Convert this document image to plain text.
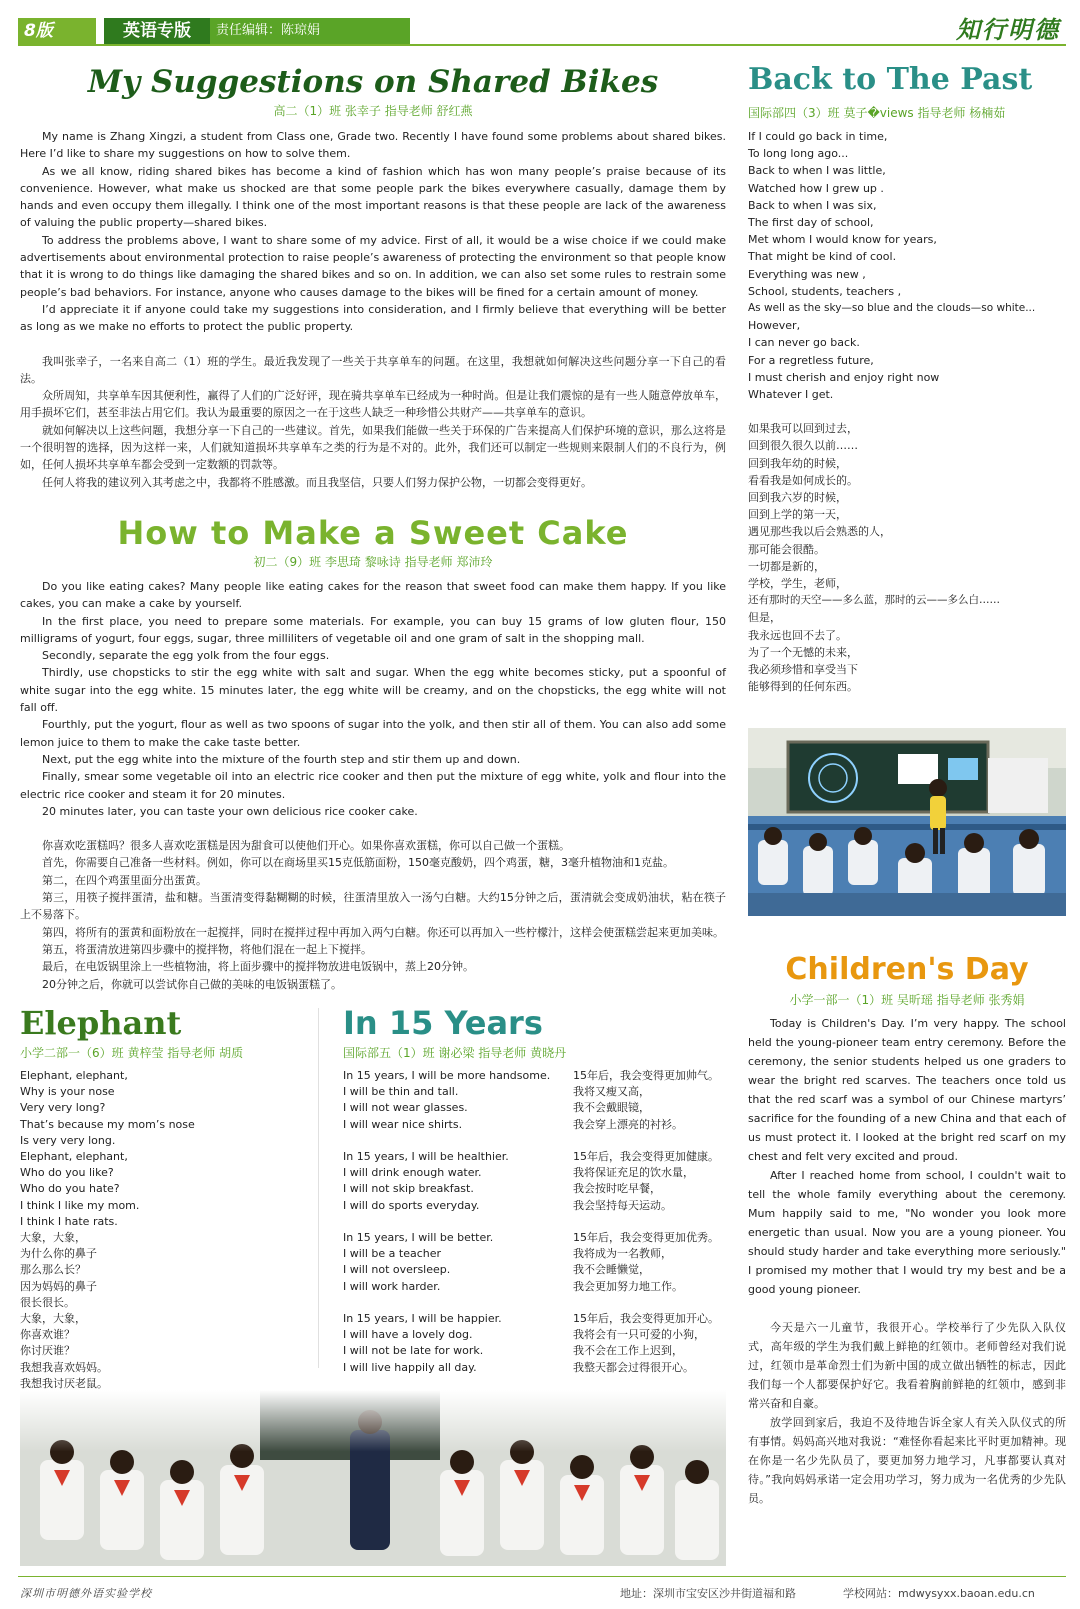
8版	英语专版	责任编辑：陈琼娟	知行明德
My Suggestions on Shared Bikes
高二（1）班 张幸子 指导老师 舒红燕

My name is Zhang Xingzi, a student from Class one, Grade two. Recently I have found some problems about shared bikes. Here I’d like to share my suggestions on how to solve them.

As we all know, riding shared bikes has become a kind of fashion which has won many people’s praise because of its convenience. However, what make us shocked are that some people park the bikes everywhere casually, damage them by hands and even occupy them illegally. I think one of the most important reasons is that these people are lack of the awareness of valuing the public property—shared bikes.

To address the problems above, I want to share some of my advice. First of all, it would be a wise choice if we could make advertisements about environmental protection to raise people’s awareness of protecting the environment so that people know that it is wrong to do things like damaging the shared bikes and so on. In addition, we can also set some rules to restrain some people’s bad behaviors. For instance, anyone who causes damage to the bikes will be fined for a certain amount of money.

I’d appreciate it if anyone could take my suggestions into consideration, and I firmly believe that everything will be better as long as we make no efforts to protect the public property.

我叫张幸子，一名来自高二（1）班的学生。最近我发现了一些关于共享单车的问题。在这里，我想就如何解决这些问题分享一下自己的看法。

众所周知，共享单车因其便利性，赢得了人们的广泛好评，现在骑共享单车已经成为一种时尚。但是让我们震惊的是有一些人随意停放单车，用手损坏它们，甚至非法占用它们。我认为最重要的原因之一在于这些人缺乏一种珍惜公共财产——共享单车的意识。

就如何解决以上这些问题，我想分享一下自己的一些建议。首先，如果我们能做一些关于环保的广告来提高人们保护环境的意识，那么这将是一个很明智的选择，因为这样一来，人们就知道损坏共享单车之类的行为是不对的。此外，我们还可以制定一些规则来限制人们的不良行为，例如，任何人损坏共享单车都会受到一定数额的罚款等。

任何人将我的建议列入其考虑之中，我都将不胜感激。而且我坚信，只要人们努力保护公物，一切都会变得更好。

How to Make a Sweet Cake
初二（9）班 李思琦 黎咏诗 指导老师 郑沛玲

Do you like eating cakes? Many people like eating cakes for the reason that sweet food can make them happy. If you like cakes, you can make a cake by yourself.

In the first place, you need to prepare some materials. For example, you can buy 15 grams of low gluten flour, 150 milligrams of yogurt, four eggs, sugar, three milliliters of vegetable oil and one gram of salt in the shopping mall.

Secondly, separate the egg yolk from the four eggs.

Thirdly, use chopsticks to stir the egg white with salt and sugar. When the egg white becomes sticky, put a spoonful of white sugar into the egg white. 15 minutes later, the egg white will be creamy, and on the chopsticks, the egg white will not fall off.

Fourthly, put the yogurt, flour as well as two spoons of sugar into the yolk, and then stir all of them. You can also add some lemon juice to them to make the cake taste better.

Next, put the egg white into the mixture of the fourth step and stir them up and down.

Finally, smear some vegetable oil into an electric rice cooker and then put the mixture of egg white, yolk and flour into the electric rice cooker and steam it for 20 minutes.

20 minutes later, you can taste your own delicious rice cooker cake.

你喜欢吃蛋糕吗？很多人喜欢吃蛋糕是因为甜食可以使他们开心。如果你喜欢蛋糕，你可以自己做一个蛋糕。

首先，你需要自己准备一些材料。例如，你可以在商场里买15克低筋面粉，150毫克酸奶，四个鸡蛋，糖，3毫升植物油和1克盐。

第二，在四个鸡蛋里面分出蛋黄。

第三，用筷子搅拌蛋清，盐和糖。当蛋清变得黏糊糊的时候，往蛋清里放入一汤勺白糖。大约15分钟之后，蛋清就会变成奶油状，粘在筷子上不易落下。

第四，将所有的蛋黄和面粉放在一起搅拌，同时在搅拌过程中再加入两勺白糖。你还可以再加入一些柠檬汁，这样会使蛋糕尝起来更加美味。

第五，将蛋清放进第四步骤中的搅拌物，将他们混在一起上下搅拌。

最后，在电饭锅里涂上一些植物油，将上面步骤中的搅拌物放进电饭锅中，蒸上20分钟。

20分钟之后，你就可以尝试你自己做的美味的电饭锅蛋糕了。

Back to The Past
国际部四（3）班 莫子�views 指导老师 杨楠茹

If I could go back in time,

To long long ago...

Back to when I was little,

Watched how I grew up .

Back to when I was six,

The first day of school,

Met whom I would know for years,

That might be kind of cool.

Everything was new ,

School, students, teachers ,

As well as the sky—so blue and the clouds—so white...

However,

I can never go back.

For a regretless future,

I must cherish and enjoy right now

Whatever I get.

如果我可以回到过去，

回到很久很久以前……

回到我年幼的时候，

看看我是如何成长的。

回到我六岁的时候，

回到上学的第一天，

遇见那些我以后会熟悉的人，

那可能会很酷。

一切都是新的，

学校，学生，老师，

还有那时的天空——多么蓝，那时的云——多么白……

但是，

我永远也回不去了。

为了一个无憾的未来，

我必须珍惜和享受当下

能够得到的任何东西。

Children's Day
小学一部一（1）班 吴昕瑶 指导老师 张秀娟

Today is Children's Day. I’m very happy. The school held the young-pioneer team entry ceremony. Before the ceremony, the senior students helped us one graders to wear the bright red scarves. The teachers once told us that the red scarf was a symbol of our Chinese martyrs’ sacrifice for the founding of a new China and that each of us must protect it. I looked at the bright red scarf on my chest and felt very excited and proud.

After I reached home from school, I couldn't wait to tell the whole family everything about the ceremony. Mum happily said to me, "No wonder you look more energetic than usual. Now you are a young pioneer. You should study harder and take everything more seriously." I promised my mother that I would try my best and be a good young pioneer.

今天是六一儿童节，我很开心。学校举行了少先队入队仪式，高年级的学生为我们戴上鲜艳的红领巾。老师曾经对我们说过，红领巾是革命烈士们为新中国的成立做出牺牲的标志，因此我们每一个人都要保护好它。我看着胸前鲜艳的红领巾，感到非常兴奋和自豪。

放学回到家后，我迫不及待地告诉全家人有关入队仪式的所有事情。妈妈高兴地对我说：“难怪你看起来比平时更加精神。现在你是一名少先队员了，要更加努力地学习，凡事都要认真对待。”我向妈妈承诺一定会用功学习，努力成为一名优秀的少先队员。

Elephant
小学二部一（6）班 黄梓莹 指导老师 胡质

Elephant, elephant,

Why is your nose

Very very long?

That’s because my mom’s nose

Is very very long.

Elephant, elephant,

Who do you like?

Who do you hate?

I think I like my mom.

I think I hate rats.

大象，大象，

为什么你的鼻子

那么那么长？

因为妈妈的鼻子

很长很长。

大象，大象，

你喜欢谁？

你讨厌谁？

我想我喜欢妈妈。

我想我讨厌老鼠。

In 15 Years
国际部五（1）班 谢必梁 指导老师 黄晓丹

In 15 years, I will be more handsome.

I will be thin and tall.

I will not wear glasses.

I will wear nice shirts.

15年后，我会变得更加帅气。

我将又瘦又高，

我不会戴眼镜，

我会穿上漂亮的衬衫。

In 15 years, I will be healthier.

I will drink enough water.

I will not skip breakfast.

I will do sports everyday.

15年后，我会变得更加健康。

我将保证充足的饮水量，

我会按时吃早餐，

我会坚持每天运动。

In 15 years, I will be better.

I will be a teacher

I will not oversleep.

I will work harder.

15年后，我会变得更加优秀。

我将成为一名教师，

我不会睡懒觉，

我会更加努力地工作。

In 15 years, I will be happier.

I will have a lovely dog.

I will not be late for work.

I will live happily all day.

15年后，我会变得更加开心。

我将会有一只可爱的小狗，

我不会在工作上迟到，

我整天都会过得很开心。

深圳市明德外语实验学校	地址：深圳市宝安区沙井街道福和路	学校网站：mdwysyxx.baoan.edu.cn
